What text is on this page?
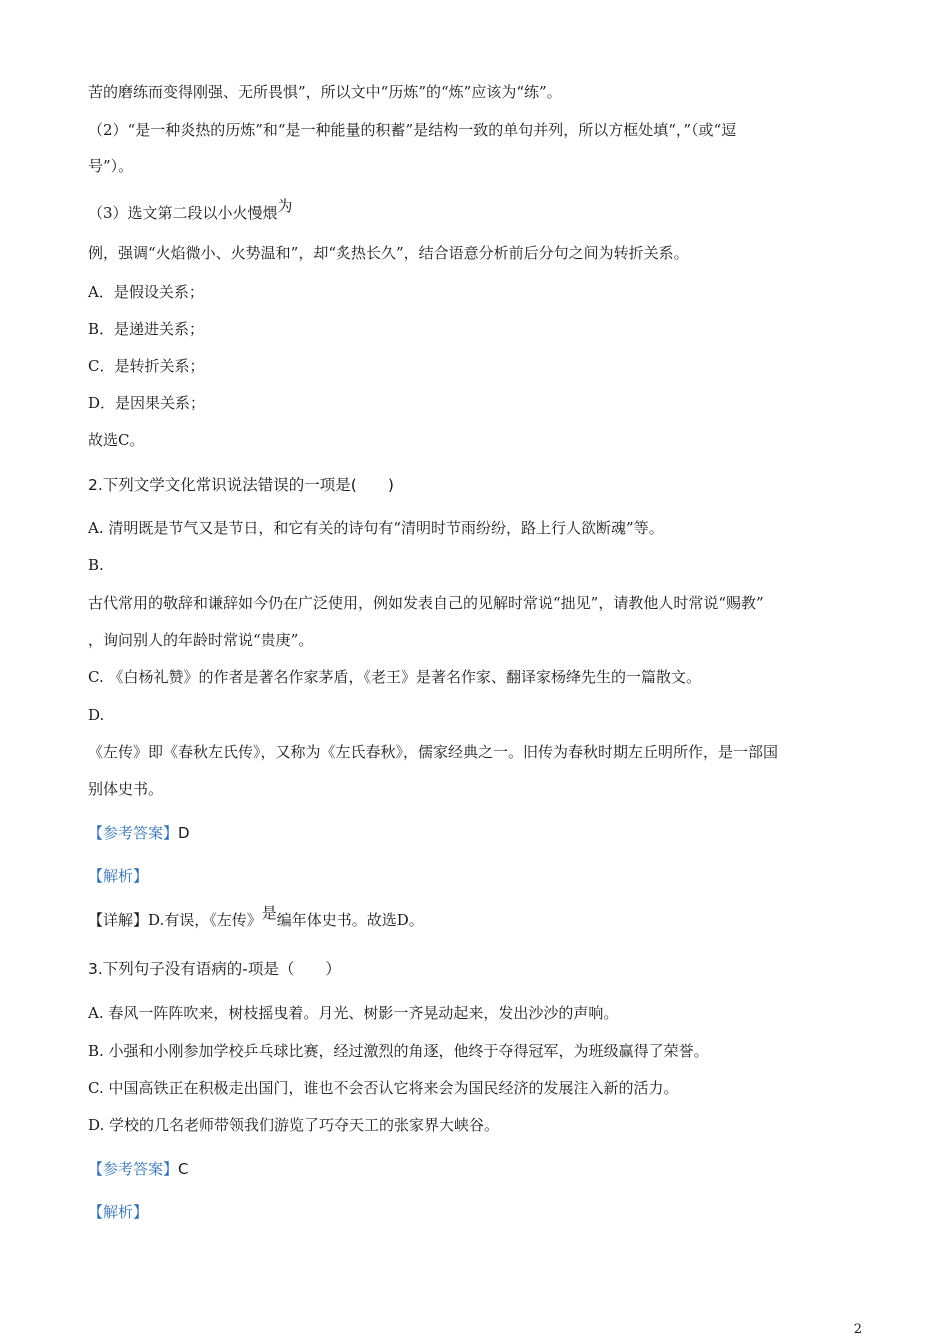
苦的磨练而变得刚强、无所畏惧”，所以文中“历炼”的“炼”应该为“练”。
（2）“是一种炎热的历炼”和“是一种能量的积蓄”是结构一致的单句并列，所以方框处填“，”（或“逗
号”）。
（3）选文第二段以小火慢煨为
例，强调“火焰微小、火势温和”，却“炙热长久”，结合语意分析前后分句之间为转折关系。
A．是假设关系；
B．是递进关系；
C．是转折关系；
D．是因果关系；
故选C。
2.下列文学文化常识说法错误的一项是(　　)
A. 清明既是节气又是节日，和它有关的诗句有“清明时节雨纷纷，路上行人欲断魂”等。
B.
古代常用的敬辞和谦辞如今仍在广泛使用，例如发表自己的见解时常说“拙见”，请教他人时常说“赐教”
，询问别人的年龄时常说“贵庚”。
C. 《白杨礼赞》的作者是著名作家茅盾，《老王》是著名作家、翻译家杨绛先生的一篇散文。
D.
《左传》即《春秋左氏传》，又称为《左氏春秋》，儒家经典之一。旧传为春秋时期左丘明所作，是一部国
别体史书。
【参考答案】D
【解析】
【详解】D.有误，《左传》是编年体史书。故选D。
3.下列句子没有语病的-项是（　　）
A. 春风一阵阵吹来，树枝摇曳着。月光、树影一齐晃动起来，发出沙沙的声响。
B. 小强和小刚参加学校乒乓球比赛，经过激烈的角逐，他终于夺得冠军，为班级赢得了荣誉。
C. 中国高铁正在积极走出国门，谁也不会否认它将来会为国民经济的发展注入新的活力。
D. 学校的几名老师带领我们游览了巧夺天工的张家界大峡谷。
【参考答案】C
【解析】
2
